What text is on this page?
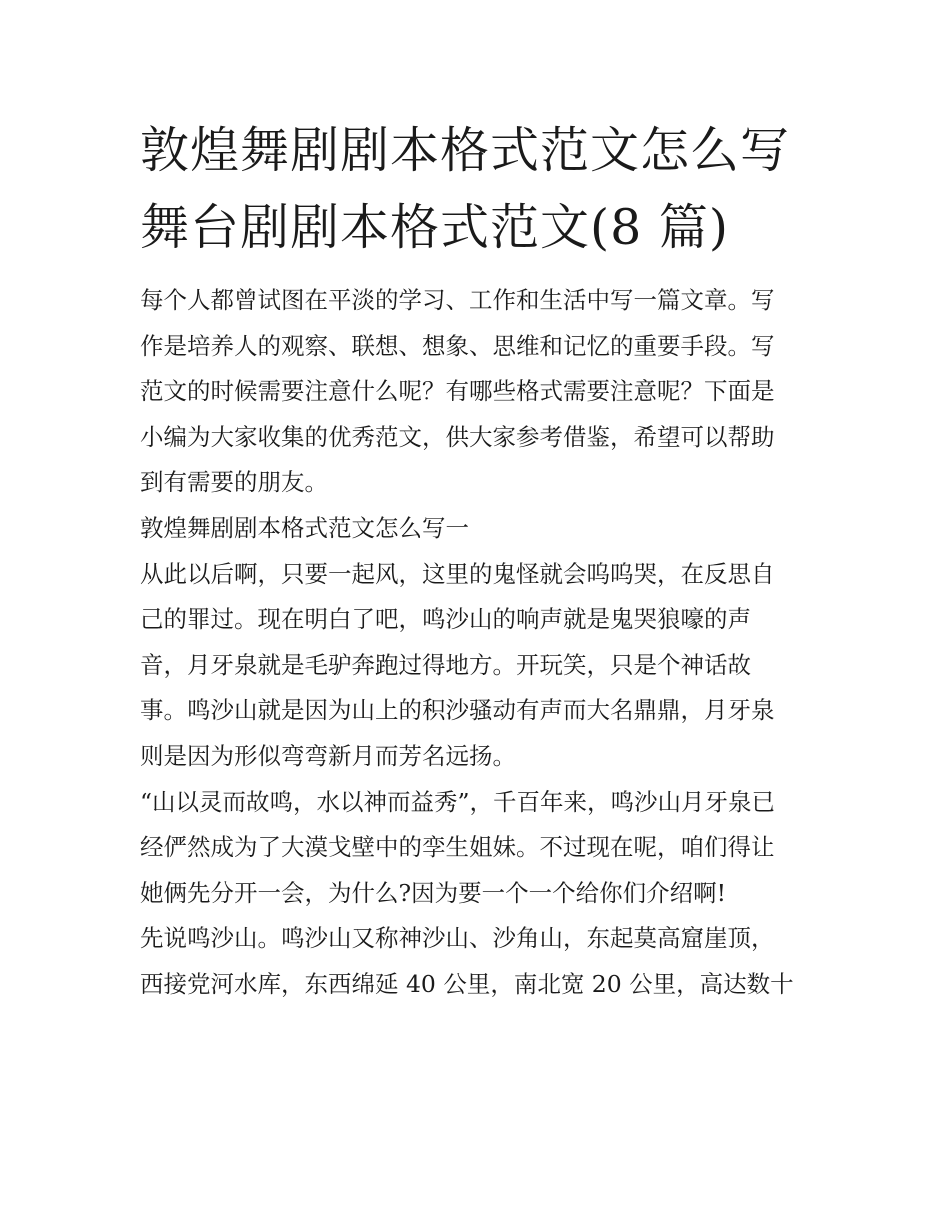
敦煌舞剧剧本格式范文怎么写
舞台剧剧本格式范文(8 篇)
每个人都曾试图在平淡的学习、工作和生活中写一篇文章。写
作是培养人的观察、联想、想象、思维和记忆的重要手段。写
范文的时候需要注意什么呢？有哪些格式需要注意呢？下面是
小编为大家收集的优秀范文，供大家参考借鉴，希望可以帮助
到有需要的朋友。
敦煌舞剧剧本格式范文怎么写一
从此以后啊，只要一起风，这里的鬼怪就会呜呜哭，在反思自
己的罪过。现在明白了吧，鸣沙山的响声就是鬼哭狼嚎的声
音，月牙泉就是毛驴奔跑过得地方。开玩笑，只是个神话故
事。鸣沙山就是因为山上的积沙骚动有声而大名鼎鼎，月牙泉
则是因为形似弯弯新月而芳名远扬。
“山以灵而故鸣，水以神而益秀”，千百年来，鸣沙山月牙泉已
经俨然成为了大漠戈壁中的孪生姐妹。不过现在呢，咱们得让
她俩先分开一会，为什么?因为要一个一个给你们介绍啊!
先说鸣沙山。鸣沙山又称神沙山、沙角山，东起莫高窟崖顶，
西接党河水库，东西绵延 40 公里，南北宽 20 公里，高达数十
